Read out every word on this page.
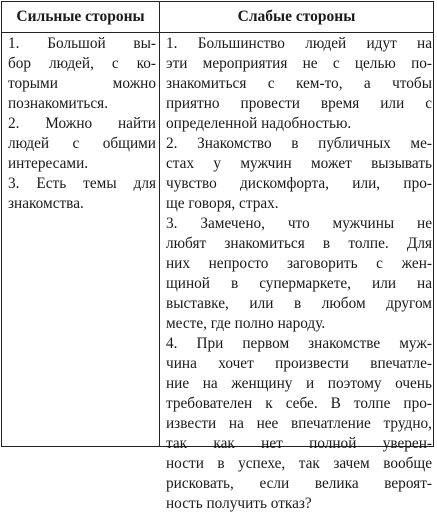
Сильные стороны	Слабые стороны
1. Большой вы-
бор людей, с ко-
торыми можно
познакомиться.
2. Можно найти
людей с общими
интересами.
3. Есть темы для
знакомства.
1. Большинство людей идут на
эти мероприятия не с целью по-
знакомиться с кем-то, а чтобы
приятно провести время или с
определенной надобностью.
2. Знакомство в публичных ме-
стах у мужчин может вызывать
чувство дискомфорта, или, про-
ще говоря, страх.
3. Замечено, что мужчины не
любят знакомиться в толпе. Для
них непросто заговорить с жен-
щиной в супермаркете, или на
выставке, или в любом другом
месте, где полно народу.
4. При первом знакомстве муж-
чина хочет произвести впечатле-
ние на женщину и поэтому очень
требователен к себе. В толпе про-
извести на нее впечатление трудно,
так как нет полной уверен-
ности в успехе, так зачем вообще
рисковать, если велика вероят-
ность получить отказ?
